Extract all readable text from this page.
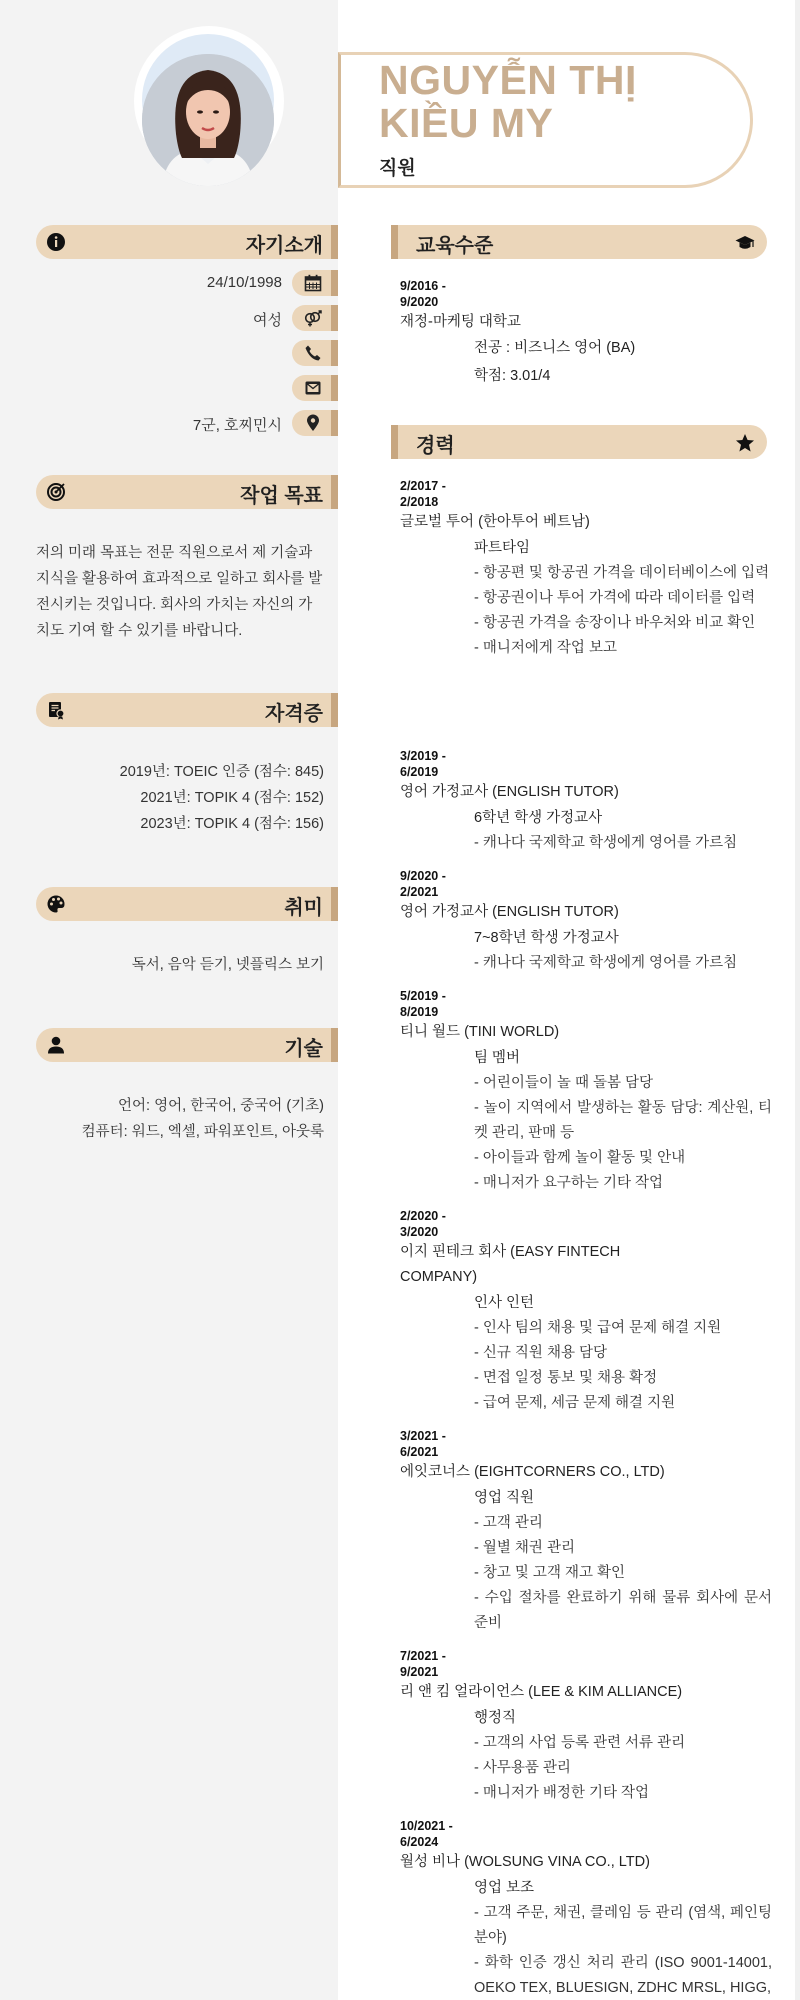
NGUYỄN THỊ KIỀU MY
직원
자기소개
24/10/1998
여성
7군, 호찌민시
작업 목표
저의 미래 목표는 전문 직원으로서 제 기술과 지식을 활용하여 효과적으로 일하고 회사를 발전시키는 것입니다. 회사의 가치는 자신의 가치도 기여 할 수 있기를 바랍니다.
자격증
2019년: TOEIC 인증 (점수: 845)
2021년: TOPIK 4 (점수: 152)
2023년: TOPIK 4 (점수: 156)
취미
독서, 음악 듣기, 넷플릭스 보기
기술
언어: 영어, 한국어, 중국어 (기초)
컴퓨터: 워드, 엑셀, 파워포인트, 아웃룩
교육수준
9/2016 - 9/2020
재정-마케팅 대학교
전공 : 비즈니스 영어 (BA)
학점: 3.01/4
경력
2/2017 - 2/2018
글로벌 투어 (한아투어 베트남)
파트타임
- 항공편 및 항공권 가격을 데이터베이스에 입력
- 항공권이나 투어 가격에 따라 데이터를 입력
- 항공권 가격을 송장이나 바우처와 비교 확인
- 매니저에게 작업 보고
3/2019 - 6/2019
영어 가정교사 (ENGLISH TUTOR)
6학년 학생 가정교사
- 캐나다 국제학교 학생에게 영어를 가르침
9/2020 - 2/2021
영어 가정교사 (ENGLISH TUTOR)
7~8학년 학생 가정교사
- 캐나다 국제학교 학생에게 영어를 가르침
5/2019 - 8/2019
티니 월드 (TINI WORLD)
팀 멤버
- 어린이들이 놀 때 돌봄 담당
- 놀이 지역에서 발생하는 활동 담당: 계산원, 티켓 관리, 판매 등
- 아이들과 함께 놀이 활동 및 안내
- 매니저가 요구하는 기타 작업
2/2020 - 3/2020
이지 핀테크 회사 (EASY FINTECH COMPANY)
인사 인턴
- 인사 팀의 채용 및 급여 문제 해결 지원
- 신규 직원 채용 담당
- 면접 일정 통보 및 채용 확정
- 급여 문제, 세금 문제 해결 지원
3/2021 - 6/2021
에잇코너스 (EIGHTCORNERS CO., LTD)
영업 직원
- 고객 관리
- 월별 채권 관리
- 창고 및 고객 재고 확인
- 수입 절차를 완료하기 위해 물류 회사에 문서 준비
7/2021 - 9/2021
리 앤 킴 얼라이언스 (LEE & KIM ALLIANCE)
행정직
- 고객의 사업 등록 관련 서류 관리
- 사무용품 관리
- 매니저가 배정한 기타 작업
10/2021 - 6/2024
월성 비나 (WOLSUNG VINA CO., LTD)
영업 보조
- 고객 주문, 채권, 클레임 등 관리 (염색, 페인팅 분야)
- 화학 인증 갱신 처리 관리 (ISO 9001-14001, OEKO TEX, BLUESIGN, ZDHC MRSL, HIGG,
